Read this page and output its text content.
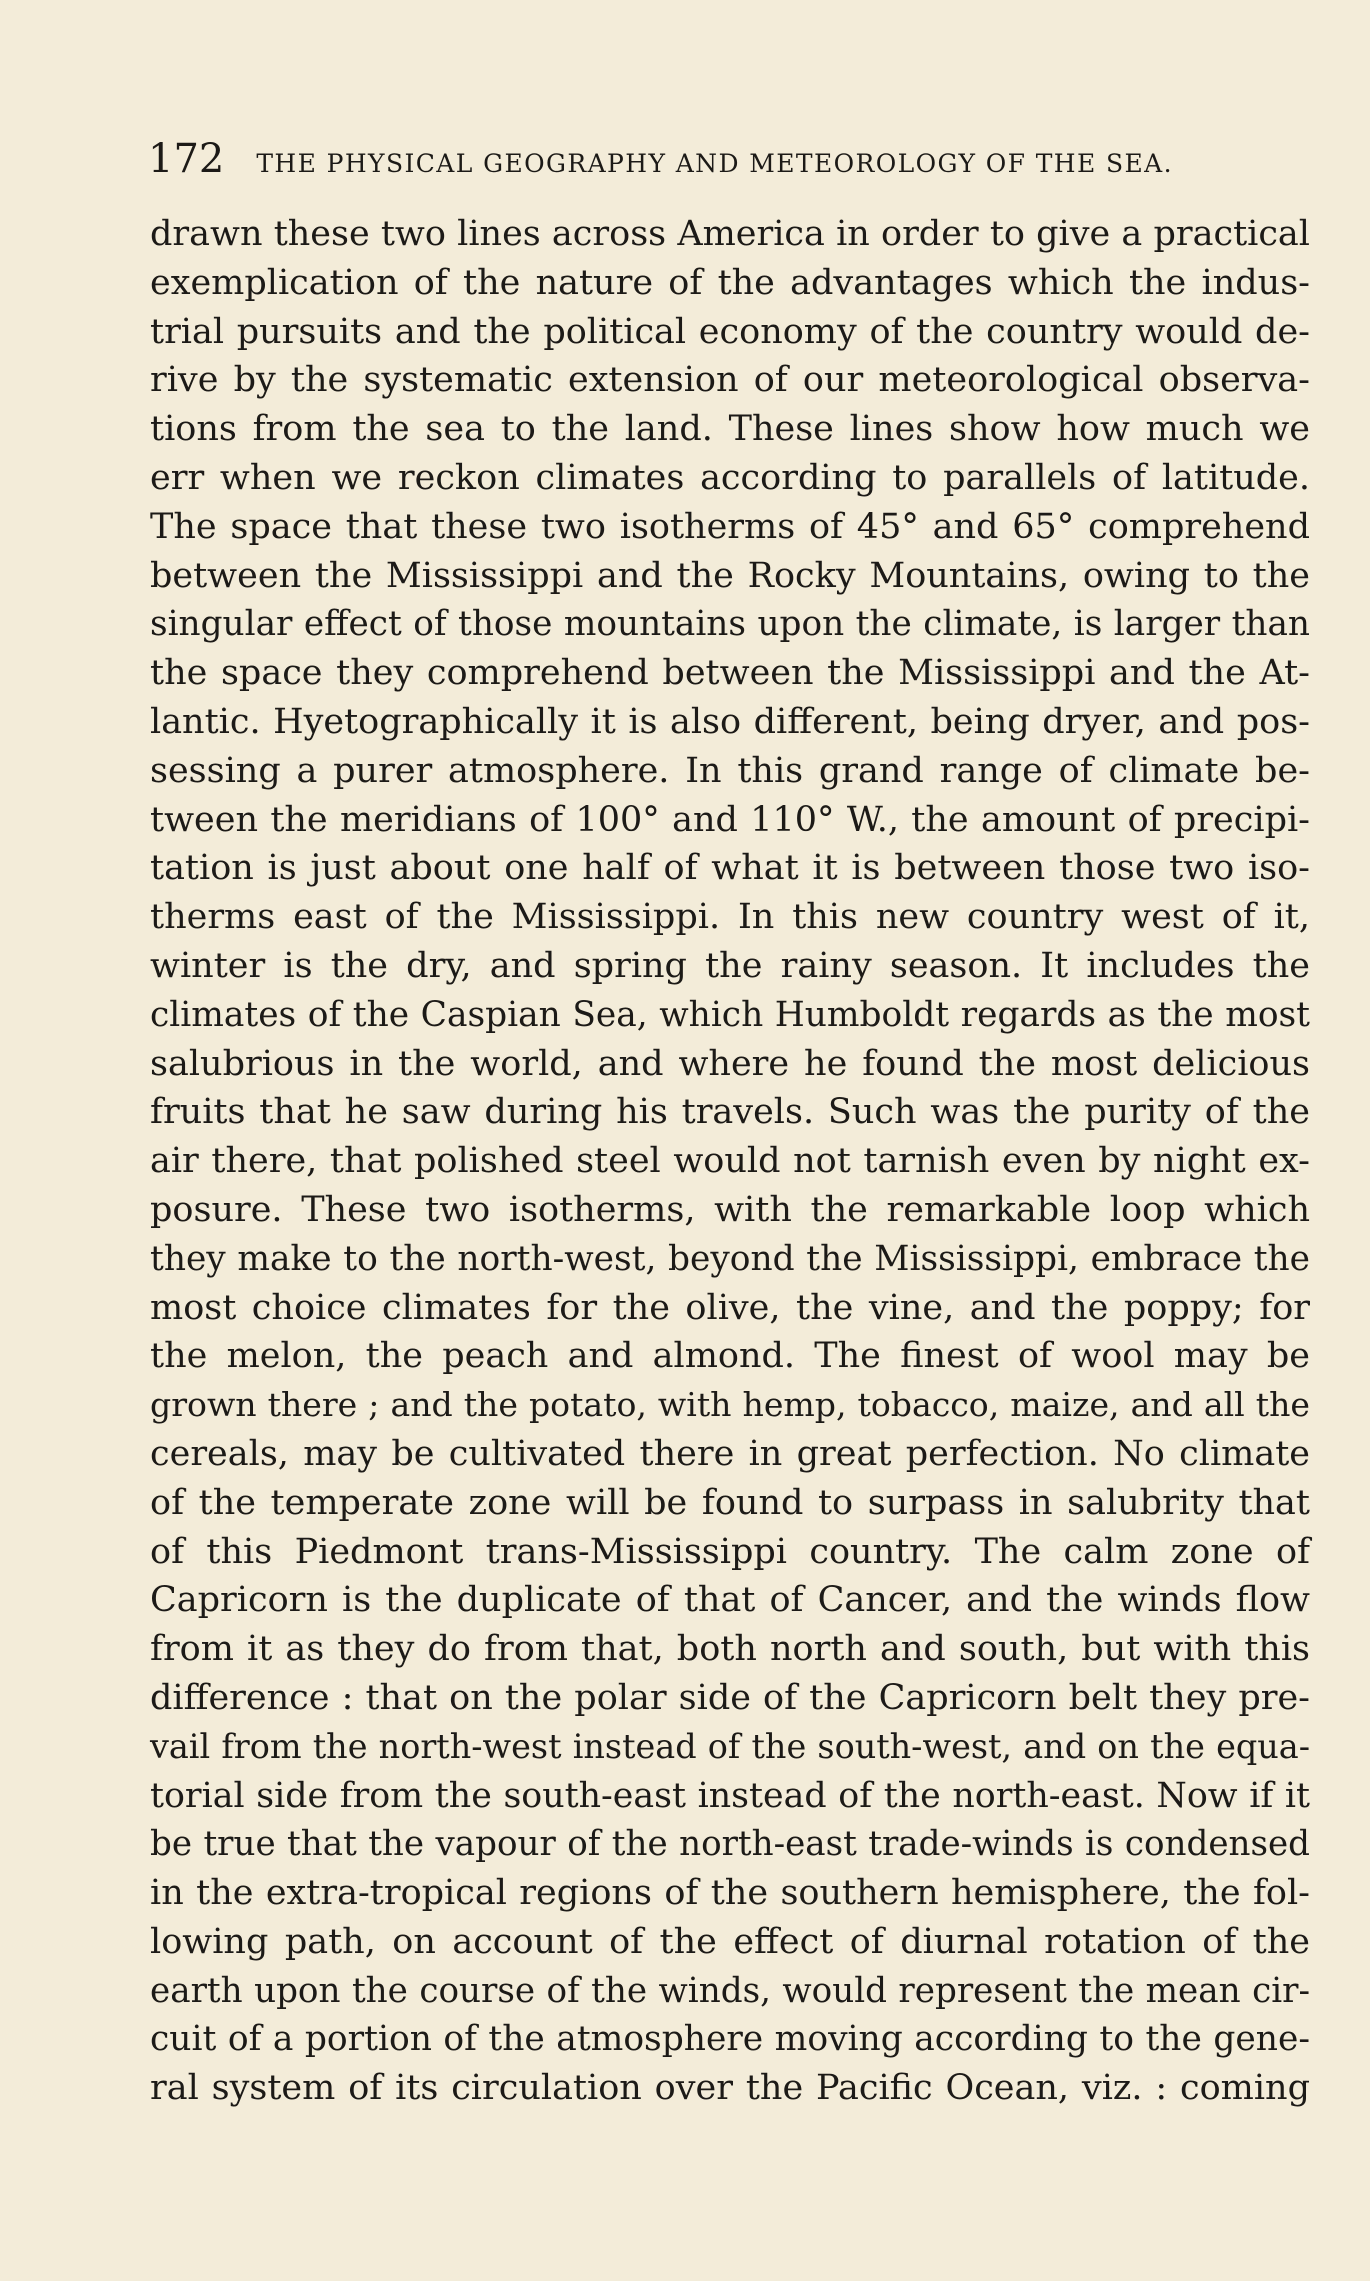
172 THE PHYSICAL GEOGRAPHY AND METEOROLOGY OF THE SEA.
drawn these two lines across America in order to give a practical
exemplication of the nature of the advantages which the indus-
trial pursuits and the political economy of the country would de-
rive by the systematic extension of our meteorological observa-
tions from the sea to the land. These lines show how much we
err when we reckon climates according to parallels of latitude.
The space that these two isotherms of 45° and 65° comprehend
between the Mississippi and the Rocky Mountains, owing to the
singular effect of those mountains upon the climate, is larger than
the space they comprehend between the Mississippi and the At-
lantic. Hyetographically it is also different, being dryer, and pos-
sessing a purer atmosphere. In this grand range of climate be-
tween the meridians of 100° and 110° W., the amount of precipi-
tation is just about one half of what it is between those two iso-
therms east of the Mississippi. In this new country west of it,
winter is the dry, and spring the rainy season. It includes the
climates of the Caspian Sea, which Humboldt regards as the most
salubrious in the world, and where he found the most delicious
fruits that he saw during his travels. Such was the purity of the
air there, that polished steel would not tarnish even by night ex-
posure. These two isotherms, with the remarkable loop which
they make to the north-west, beyond the Mississippi, embrace the
most choice climates for the olive, the vine, and the poppy; for
the melon, the peach and almond. The finest of wool may be
grown there ; and the potato, with hemp, tobacco, maize, and all the
cereals, may be cultivated there in great perfection. No climate
of the temperate zone will be found to surpass in salubrity that
of this Piedmont trans-Mississippi country. The calm zone of
Capricorn is the duplicate of that of Cancer, and the winds flow
from it as they do from that, both north and south, but with this
difference : that on the polar side of the Capricorn belt they pre-
vail from the north-west instead of the south-west, and on the equa-
torial side from the south-east instead of the north-east. Now if it
be true that the vapour of the north-east trade-winds is condensed
in the extra-tropical regions of the southern hemisphere, the fol-
lowing path, on account of the effect of diurnal rotation of the
earth upon the course of the winds, would represent the mean cir-
cuit of a portion of the atmosphere moving according to the gene-
ral system of its circulation over the Pacific Ocean, viz. : coming
